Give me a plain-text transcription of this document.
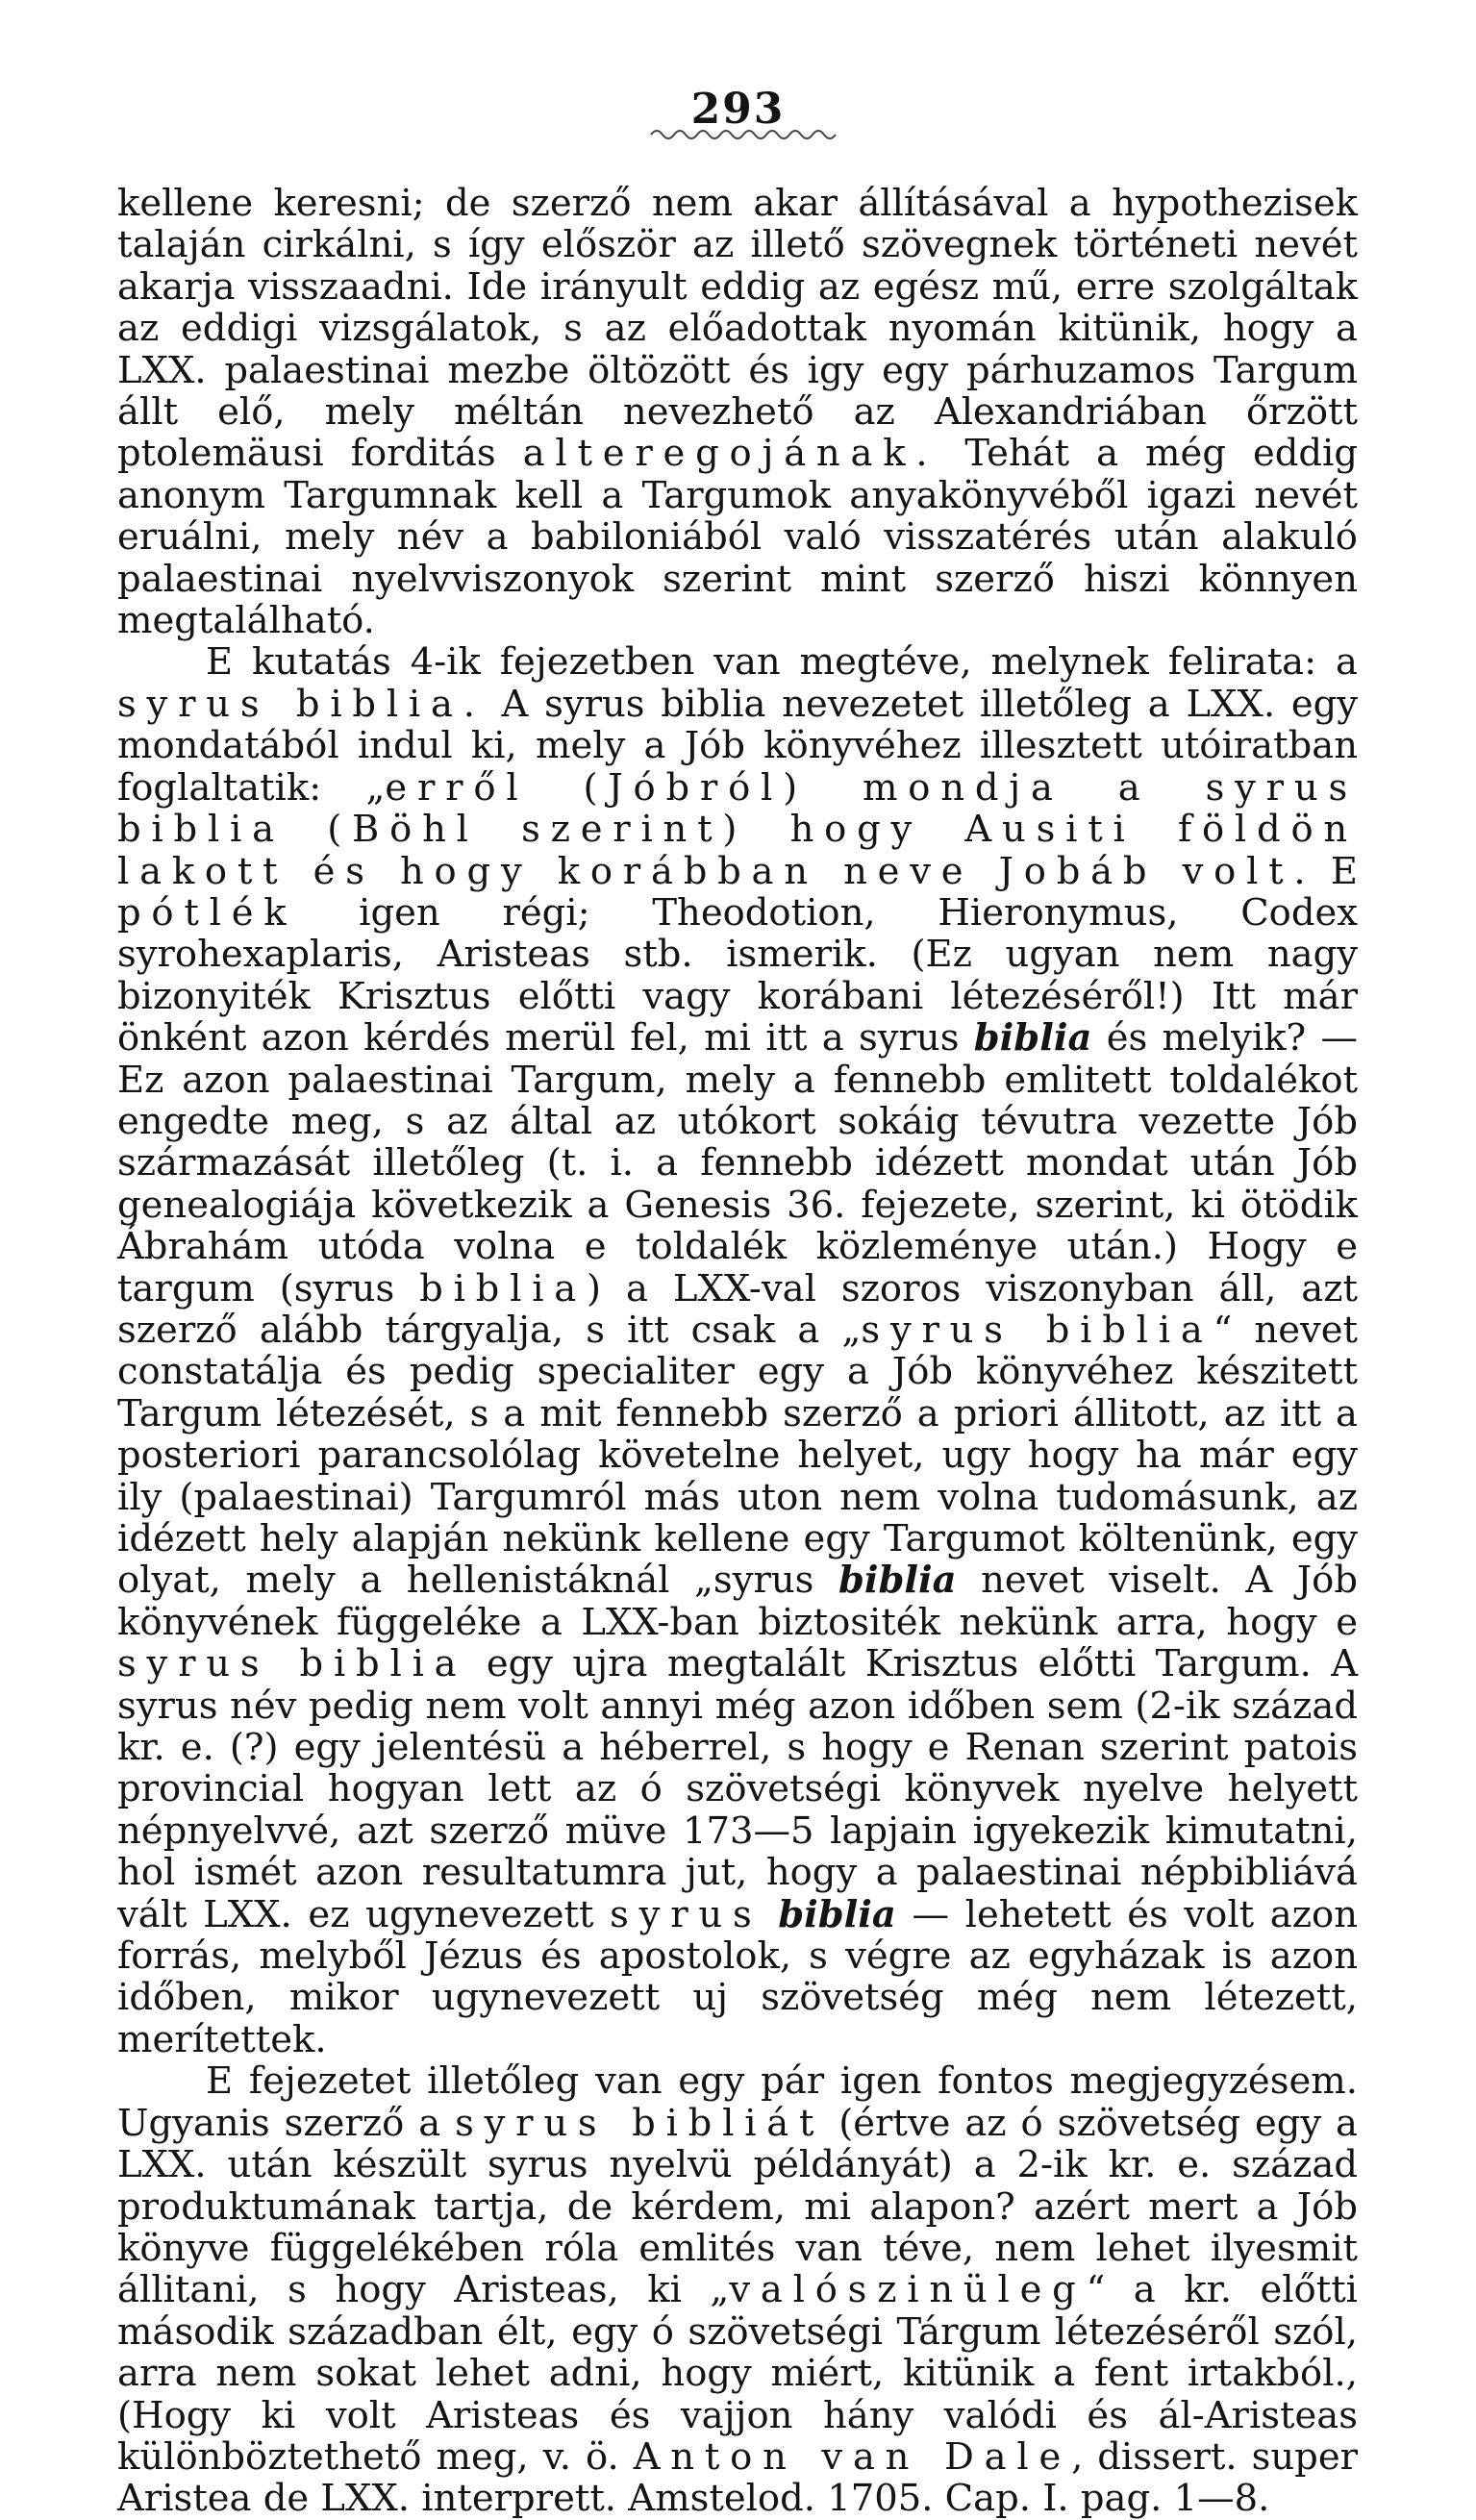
293

kellene keresni; de szerző nem akar állításával a hypothezisek talaján cirkálni, s így először az illető szövegnek történeti nevét akarja visszaadni. Ide irányult eddig az egész mű, erre szolgáltak az eddigi vizsgálatok, s az előadottak nyomán kitünik, hogy a LXX. palaestinai mezbe öltözött és igy egy párhuzamos Targum állt elő, mely méltán nevezhető az Alexandriában őrzött ptolemäusi forditás alteregojának. Tehát a még eddig anonym Targumnak kell a Targumok anyakönyvéből igazi nevét eruálni, mely név a babiloniából való visszatérés után alakuló palaestinai nyelvviszonyok szerint mint szerző hiszi könnyen megtalálható.

E kutatás 4-ik fejezetben van megtéve, melynek felirata: a syrus biblia. A syrus biblia nevezetet illetőleg a LXX. egy mondatából indul ki, mely a Jób könyvéhez illesztett utóiratban foglaltatik: „erről (Jóbról) mondja a syrus biblia (Böhl szerint) hogy Ausiti földön lakott és hogy korábban neve Jobáb volt. E pótlék igen régi; Theodotion, Hieronymus, Codex syrohexaplaris, Aristeas stb. ismerik. (Ez ugyan nem nagy bizonyiték Krisztus előtti vagy korábani létezéséről!) Itt már önként azon kérdés merül fel, mi itt a syrus biblia és melyik? — Ez azon palaestinai Targum, mely a fennebb emlitett toldalékot engedte meg, s az által az utókort sokáig tévutra vezette Jób származását illetőleg (t. i. a fennebb idézett mondat után Jób genealogiája következik a Genesis 36. fejezete, szerint, ki ötödik Ábrahám utóda volna e toldalék közleménye után.) Hogy e targum (syrus biblia) a LXX-val szoros viszonyban áll, azt szerző alább tárgyalja, s itt csak a „syrus biblia“ nevet constatálja és pedig specialiter egy a Jób könyvéhez készitett Targum létezését, s a mit fennebb szerző a priori állitott, az itt a posteriori parancsolólag követelne helyet, ugy hogy ha már egy ily (palaestinai) Targumról más uton nem volna tudomásunk, az idézett hely alapján nekünk kellene egy Targumot költenünk, egy olyat, mely a hellenistáknál „syrus biblia nevet viselt. A Jób könyvének függeléke a LXX-ban biztositék nekünk arra, hogy e syrus biblia egy ujra megtalált Krisztus előtti Targum. A syrus név pedig nem volt annyi még azon időben sem (2-ik század kr. e. (?) egy jelentésü a héberrel, s hogy e Renan szerint patois provincial hogyan lett az ó szövetségi könyvek nyelve helyett népnyelvvé, azt szerző müve 173—5 lapjain igyekezik kimutatni, hol ismét azon resultatumra jut, hogy a palaestinai népbibliává vált LXX. ez ugynevezett syrus biblia — lehetett és volt azon forrás, melyből Jézus és apostolok, s végre az egyházak is azon időben, mikor ugynevezett uj szövetség még nem létezett, merítettek.

E fejezetet illetőleg van egy pár igen fontos megjegyzésem. Ugyanis szerző a syrus bibliát (értve az ó szövetség egy a LXX. után készült syrus nyelvü példányát) a 2-ik kr. e. század produktumának tartja, de kérdem, mi alapon? azért mert a Jób könyve függelékében róla emlités van téve, nem lehet ilyesmit állitani, s hogy Aristeas, ki „valószinüleg“ a kr. előtti második században élt, egy ó szövetségi Tárgum létezéséről szól, arra nem sokat lehet adni, hogy miért, kitünik a fent irtakból., (Hogy ki volt Aristeas és vajjon hány valódi és ál-Aristeas különböztethető meg, v. ö. Anton van Dale, dissert. super Aristea de LXX. interprett. Amstelod. 1705. Cap. I. pag. 1—8.
